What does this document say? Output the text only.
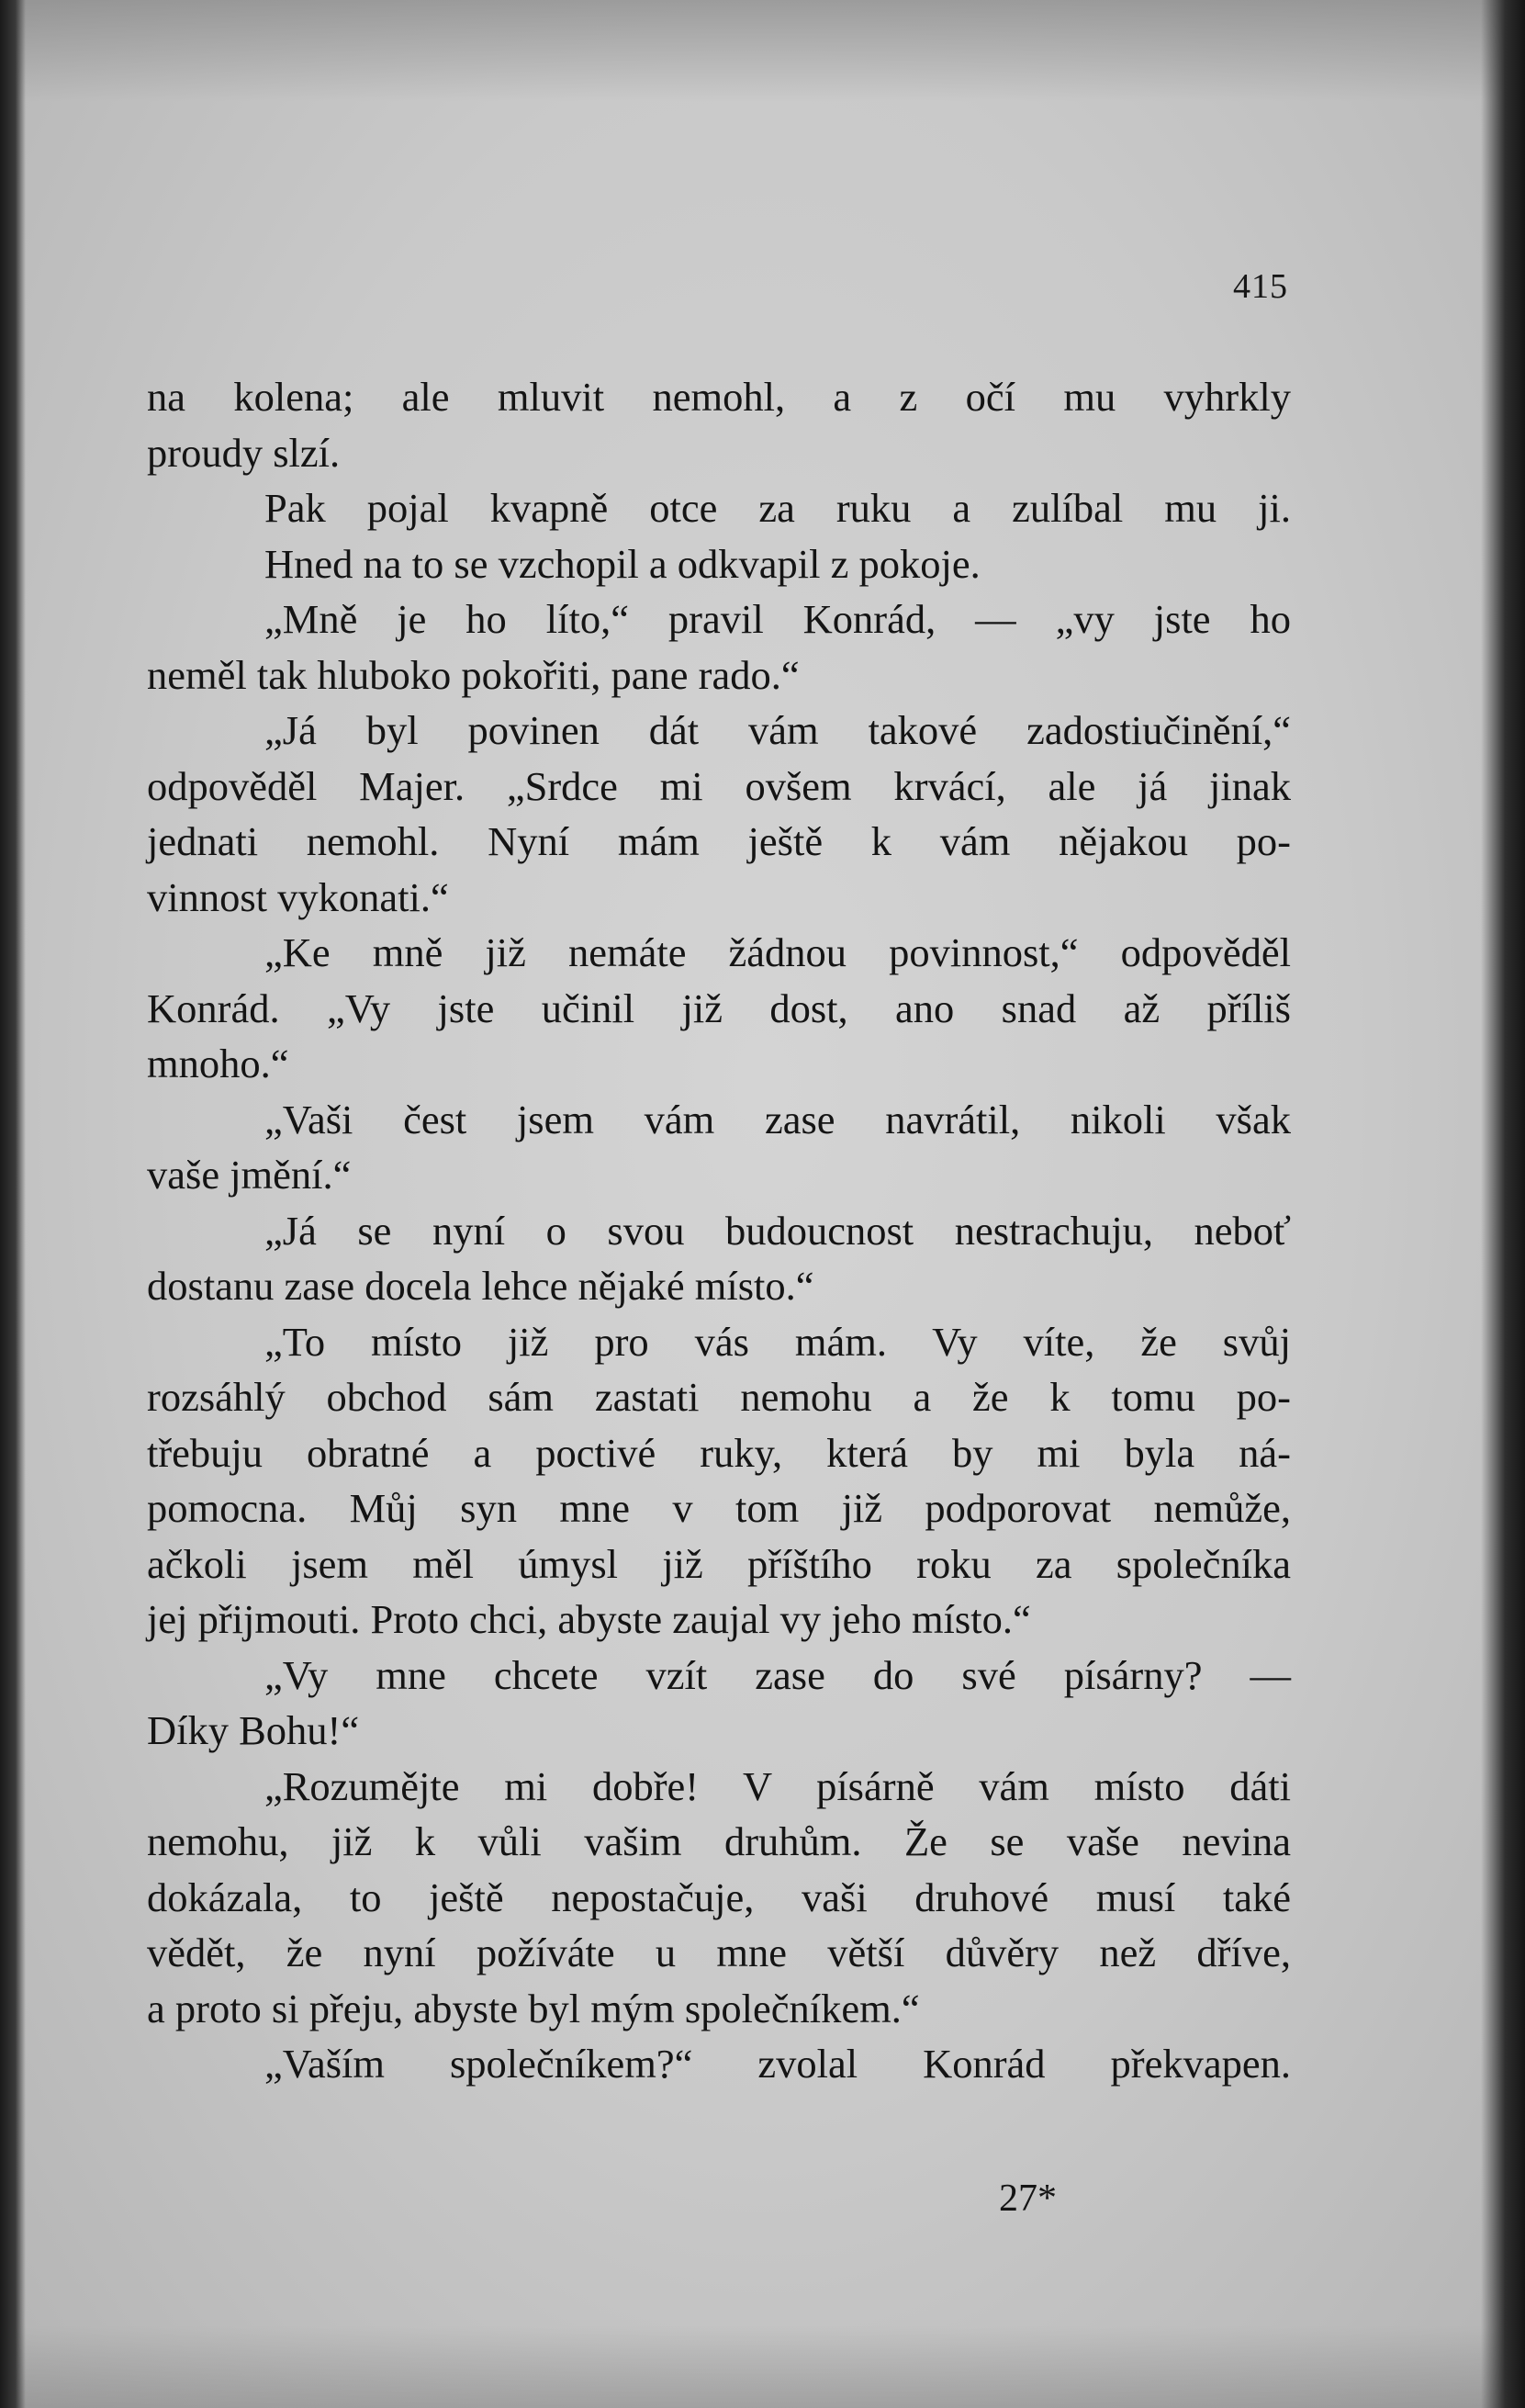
415
na kolena; ale mluvit nemohl, a z očí mu vyhrkly
proudy slzí.
Pak pojal kvapně otce za ruku a zulíbal mu ji.
Hned na to se vzchopil a odkvapil z pokoje.
„Mně je ho líto,“ pravil Konrád, — „vy jste ho
neměl tak hluboko pokořiti, pane rado.“
„Já byl povinen dát vám takové zadostiučinění,“
odpověděl Majer. „Srdce mi ovšem krvácí, ale já jinak
jednati nemohl. Nyní mám ještě k vám nějakou po-
vinnost vykonati.“
„Ke mně již nemáte žádnou povinnost,“ odpověděl
Konrád. „Vy jste učinil již dost, ano snad až příliš
mnoho.“
„Vaši čest jsem vám zase navrátil, nikoli však
vaše jmění.“
„Já se nyní o svou budoucnost nestrachuju, neboť
dostanu zase docela lehce nějaké místo.“
„To místo již pro vás mám. Vy víte, že svůj
rozsáhlý obchod sám zastati nemohu a že k tomu po-
třebuju obratné a poctivé ruky, která by mi byla ná-
pomocna. Můj syn mne v tom již podporovat nemůže,
ačkoli jsem měl úmysl již příštího roku za společníka
jej přijmouti. Proto chci, abyste zaujal vy jeho místo.“
„Vy mne chcete vzít zase do své písárny? —
Díky Bohu!“
„Rozumějte mi dobře! V písárně vám místo dáti
nemohu, již k vůli vašim druhům. Že se vaše nevina
dokázala, to ještě nepostačuje, vaši druhové musí také
vědět, že nyní požíváte u mne větší důvěry než dříve,
a proto si přeju, abyste byl mým společníkem.“
„Vaším společníkem?“ zvolal Konrád překvapen.
27*
